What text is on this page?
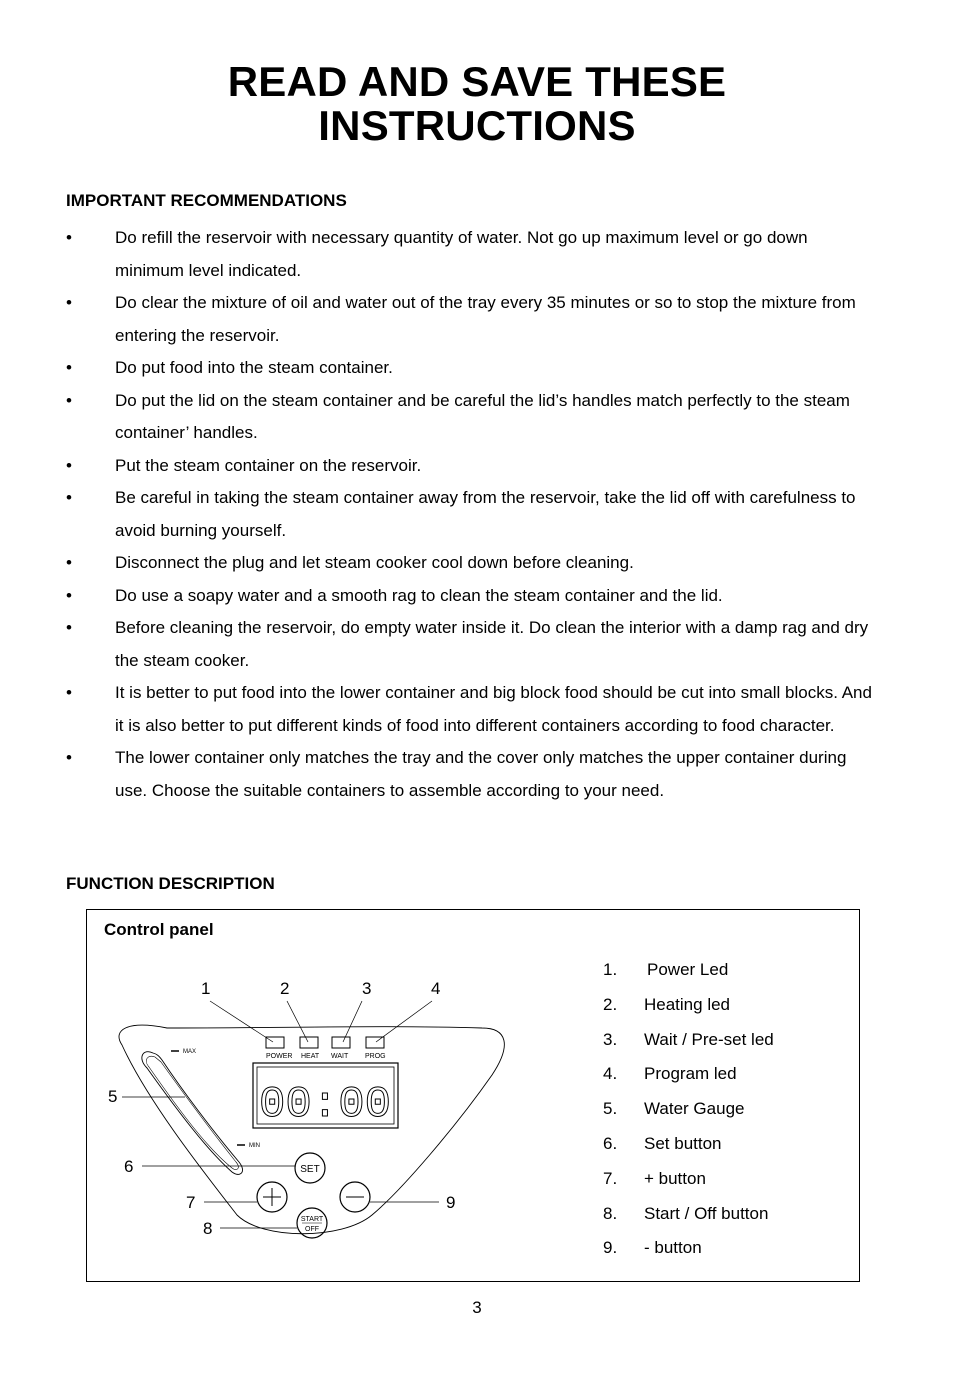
READ AND SAVE THESE
INSTRUCTIONS
IMPORTANT RECOMMENDATIONS
•	Do refill the reservoir with necessary quantity of water. Not go up maximum level or go down minimum level indicated.
•	Do clear the mixture of oil and water out of the tray every 35 minutes or so to stop the mixture from entering the reservoir.
•	Do put food into the steam container.
•	Do put the lid on the steam container and be careful the lid’s handles match perfectly to the steam container’ handles.
•	Put the steam container on the reservoir.
•	Be careful in taking the steam container away from the reservoir, take the lid off with carefulness to avoid burning yourself.
•	Disconnect the plug and let steam cooker cool down before cleaning.
•	Do use a soapy water and a smooth rag to clean the steam container and the lid.
•	Before cleaning the reservoir, do empty water inside it. Do clean the interior with a damp rag and dry the steam cooker.
•	It is better to put food into the lower container and big block food should be cut into small blocks. And it is also better to put different kinds of food into different containers according to food character.
•	The lower container only matches the tray and the cover only matches the upper container during use. Choose the suitable containers to assemble according to your need.
FUNCTION DESCRIPTION
Control panel
MAX
MIN
POWER HEAT WAIT PROG
00:00
SET
START
OFF
1	2	3	4
5
6
7
8
9
1.	Power Led
2.	Heating led
3.	Wait / Pre-set led
4.	Program led
5.	Water Gauge
6.	Set button
7.	+ button
8.	Start / Off button
9.	- button
3
